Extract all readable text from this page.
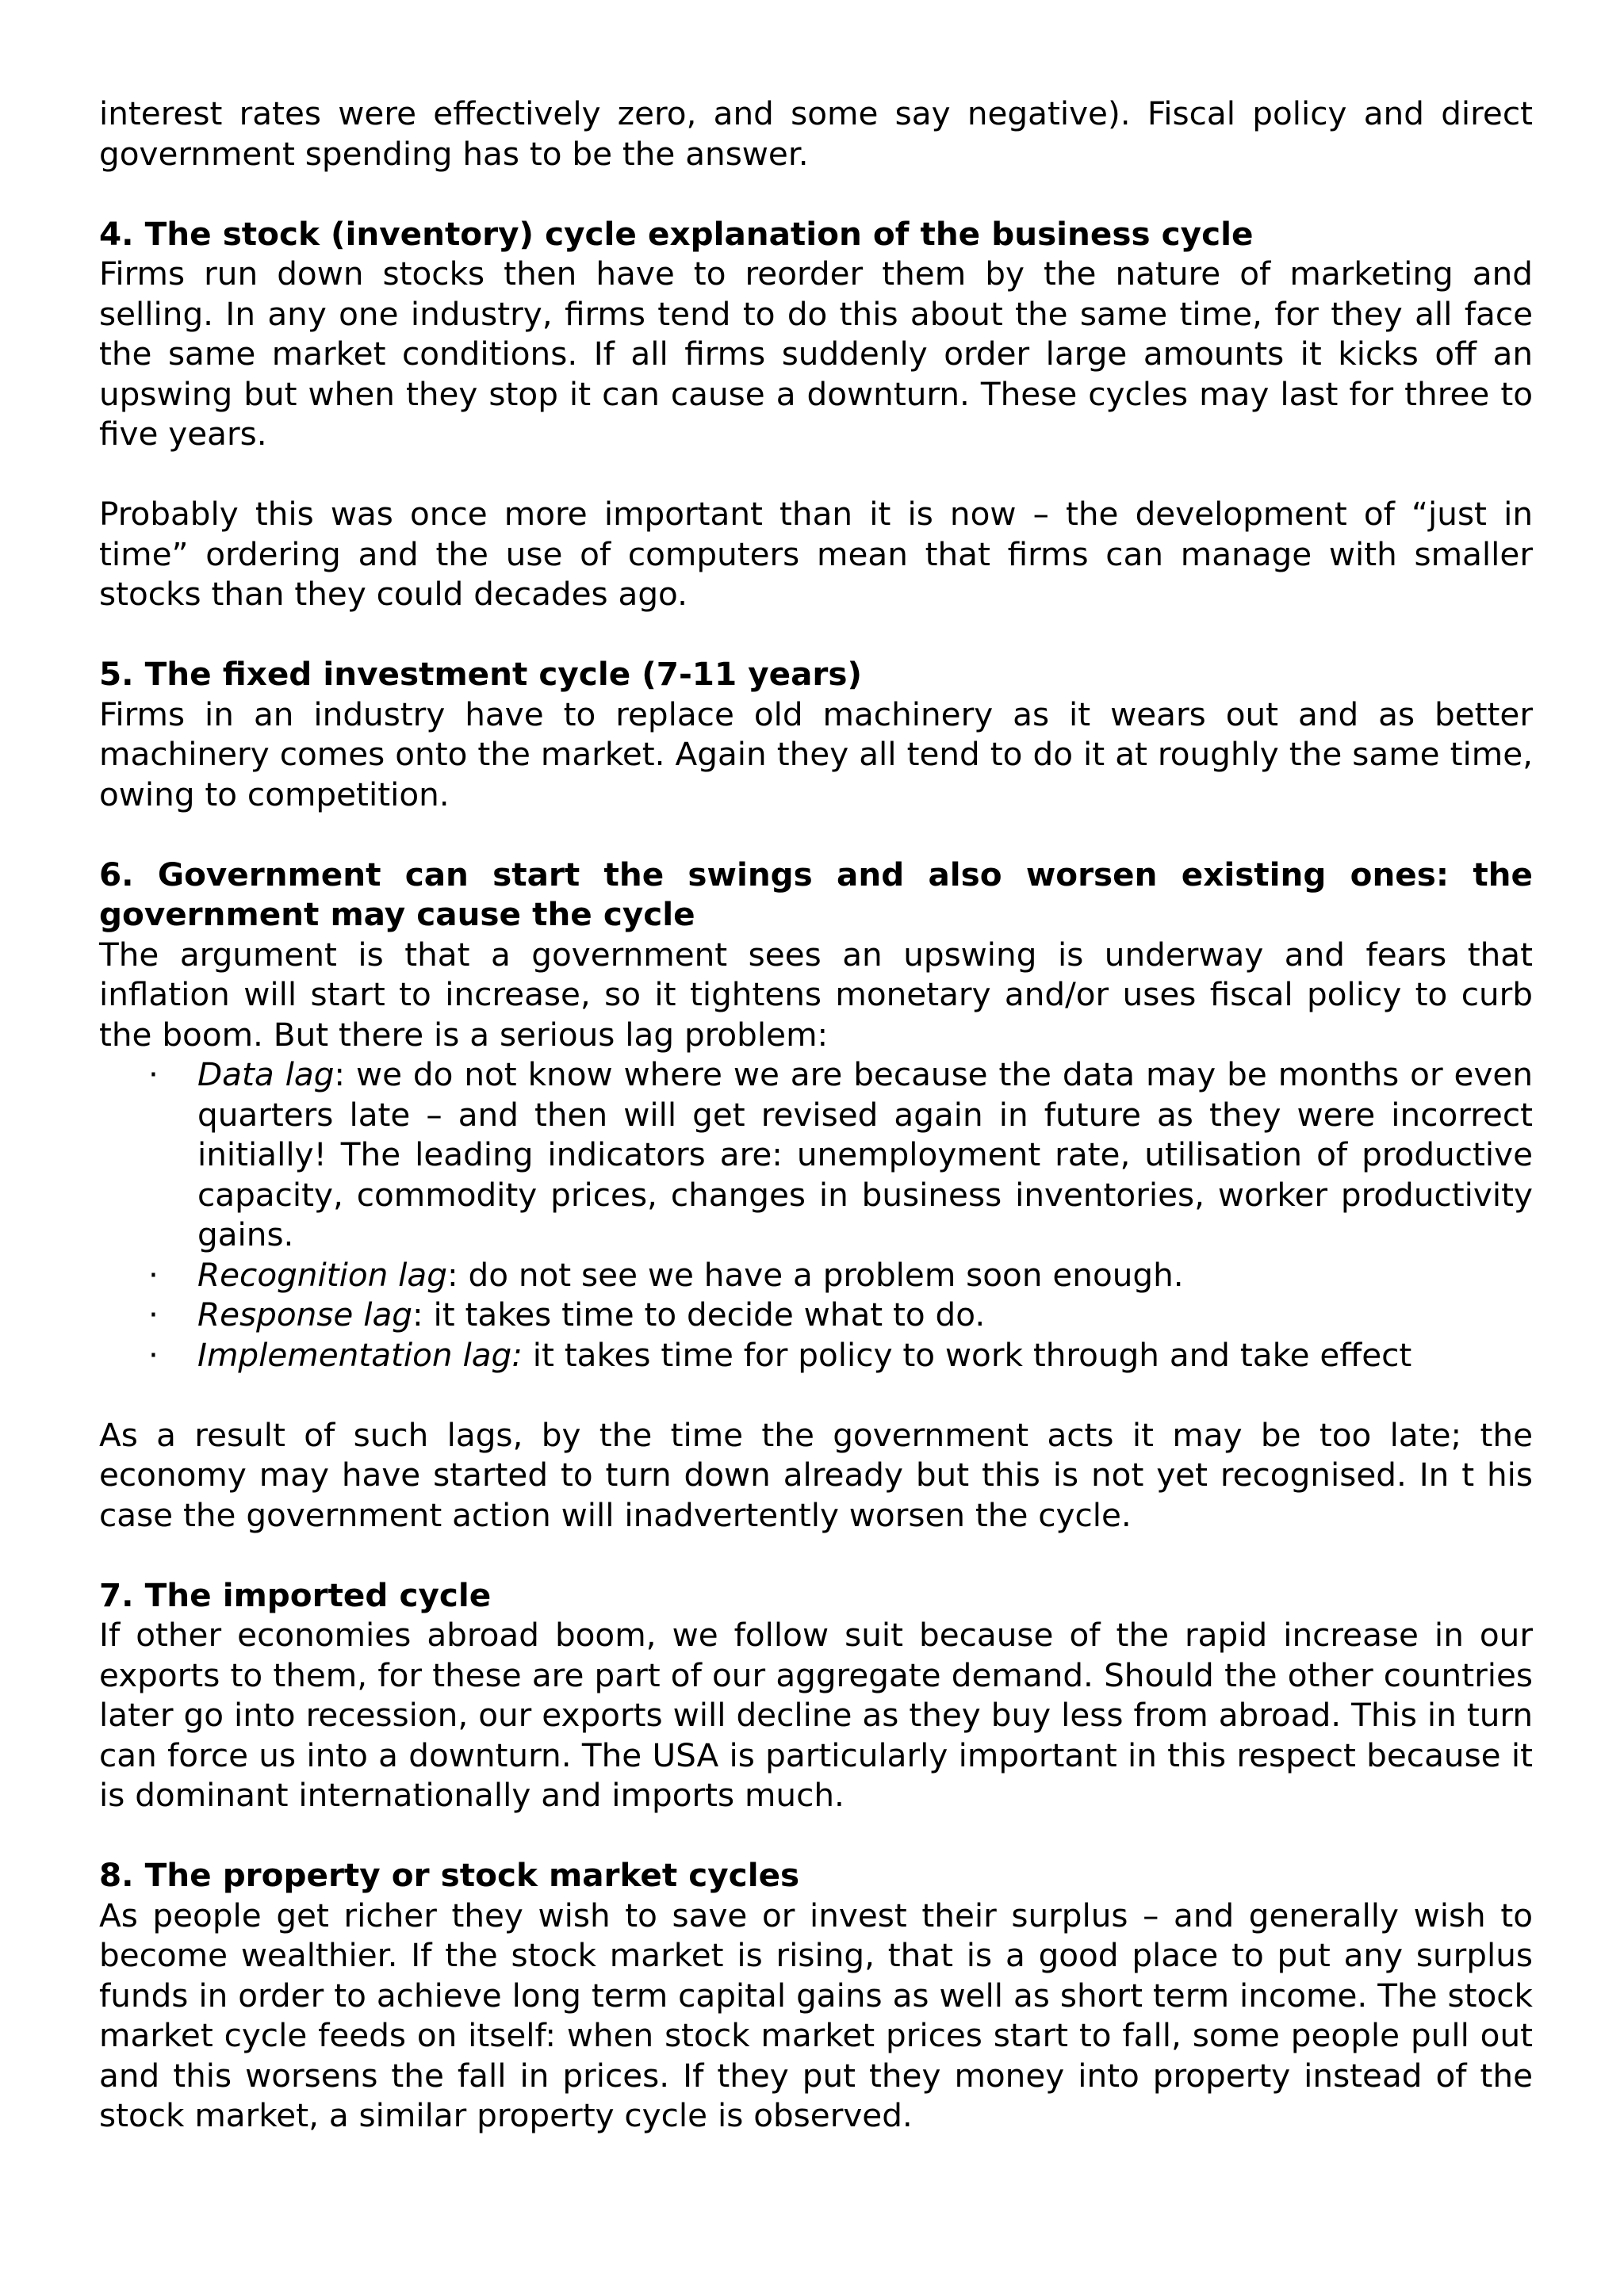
interest rates were effectively zero, and some say negative). Fiscal policy and direct government spending has to be the answer.

4. The stock (inventory) cycle explanation of the business cycle

Firms run down stocks then have to reorder them by the nature of marketing and selling. In any one industry, firms tend to do this about the same time, for they all face the same market conditions. If all firms suddenly order large amounts it kicks off an upswing but when they stop it can cause a downturn. These cycles may last for three to five years.

Probably this was once more important than it is now – the development of “just in time” ordering and the use of computers mean that firms can manage with smaller stocks than they could decades ago.

5. The fixed investment cycle (7-11 years)

Firms in an industry have to replace old machinery as it wears out and as better machinery comes onto the market. Again they all tend to do it at roughly the same time, owing to competition.

6. Government can start the swings and also worsen existing ones: the government may cause the cycle

The argument is that a government sees an upswing is underway and fears that inflation will start to increase, so it tightens monetary and/or uses fiscal policy to curb the boom. But there is a serious lag problem:

· Data lag: we do not know where we are because the data may be months or even quarters late – and then will get revised again in future as they were incorrect initially! The leading indicators are: unemployment rate, utilisation of productive capacity, commodity prices, changes in business inventories, worker productivity gains.
· Recognition lag: do not see we have a problem soon enough.
· Response lag: it takes time to decide what to do.
· Implementation lag: it takes time for policy to work through and take effect

As a result of such lags, by the time the government acts it may be too late; the economy may have started to turn down already but this is not yet recognised. In t his case the government action will inadvertently worsen the cycle.

7. The imported cycle

If other economies abroad boom, we follow suit because of the rapid increase in our exports to them, for these are part of our aggregate demand. Should the other countries later go into recession, our exports will decline as they buy less from abroad. This in turn can force us into a downturn. The USA is particularly important in this respect because it is dominant internationally and imports much.

8. The property or stock market cycles

As people get richer they wish to save or invest their surplus – and generally wish to become wealthier. If the stock market is rising, that is a good place to put any surplus funds in order to achieve long term capital gains as well as short term income. The stock market cycle feeds on itself: when stock market prices start to fall, some people pull out and this worsens the fall in prices. If they put they money into property instead of the stock market, a similar property cycle is observed.
